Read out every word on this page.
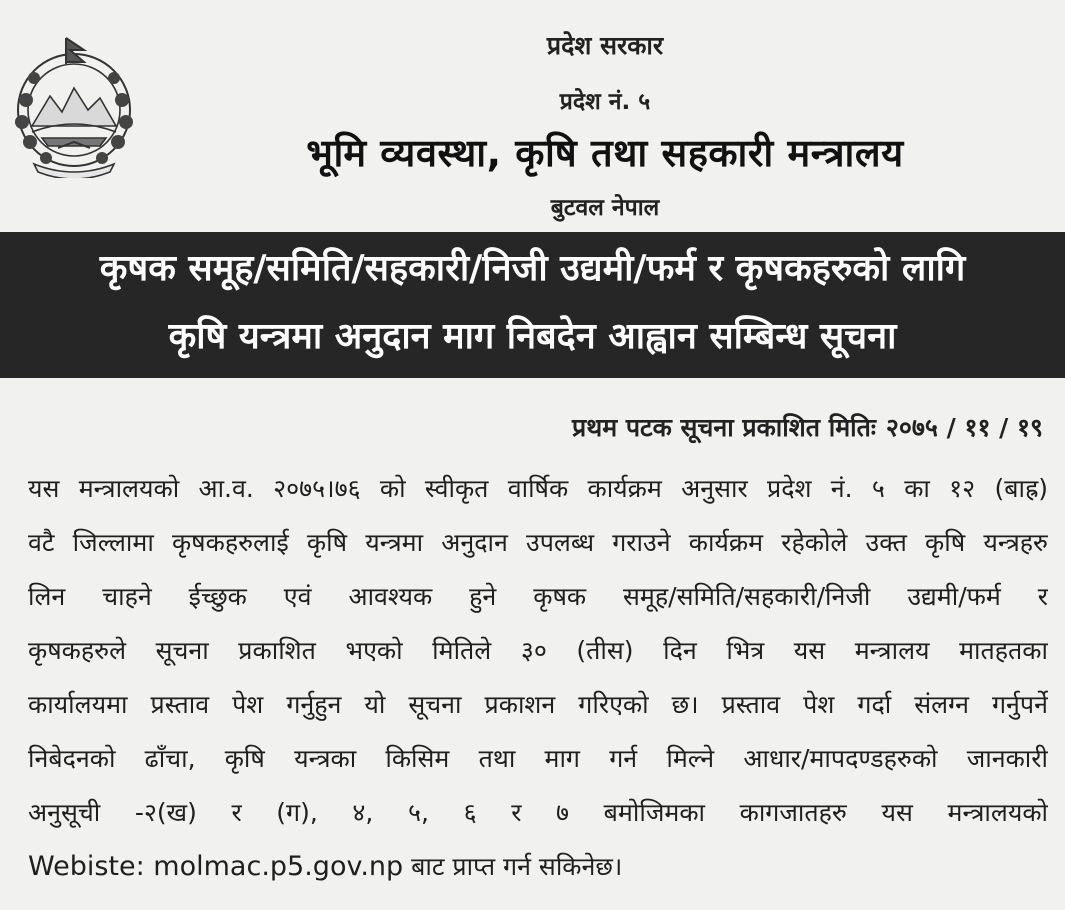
प्रदेश सरकार
प्रदेश नं. ५
भूमि व्यवस्था, कृषि तथा सहकारी मन्त्रालय
बुटवल नेपाल
कृषक समूह/समिति/सहकारी/निजी उद्यमी/फर्म र कृषकहरुको लागि
कृषि यन्त्रमा अनुदान माग निबदेन आह्वान सम्बिन्ध सूचना
प्रथम पटक सूचना प्रकाशित मितिः २०७५ / ११ / १९
यस मन्त्रालयको आ.व. २०७५।७६ को स्वीकृत वार्षिक कार्यक्रम अनुसार प्रदेश नं. ५ का १२ (बाह्र)
वटै जिल्लामा कृषकहरुलाई कृषि यन्त्रमा अनुदान उपलब्ध गराउने कार्यक्रम रहेकोले उक्त कृषि यन्त्रहरु
लिन चाहने ईच्छुक एवं आवश्यक हुने कृषक समूह/समिति/सहकारी/निजी उद्यमी/फर्म र
कृषकहरुले सूचना प्रकाशित भएको मितिले ३० (तीस) दिन भित्र यस मन्त्रालय मातहतका
कार्यालयमा प्रस्ताव पेश गर्नुहुन यो सूचना प्रकाशन गरिएको छ। प्रस्ताव पेश गर्दा संलग्न गर्नुपर्ने
निबेदनको ढाँचा, कृषि यन्त्रका किसिम तथा माग गर्न मिल्ने आधार/मापदण्डहरुको जानकारी
अनुसूची -२(ख) र (ग), ४, ५, ६ र ७ बमोजिमका कागजातहरु यस मन्त्रालयको
Webiste: molmac.p5.gov.np बाट प्राप्त गर्न सकिनेछ।
